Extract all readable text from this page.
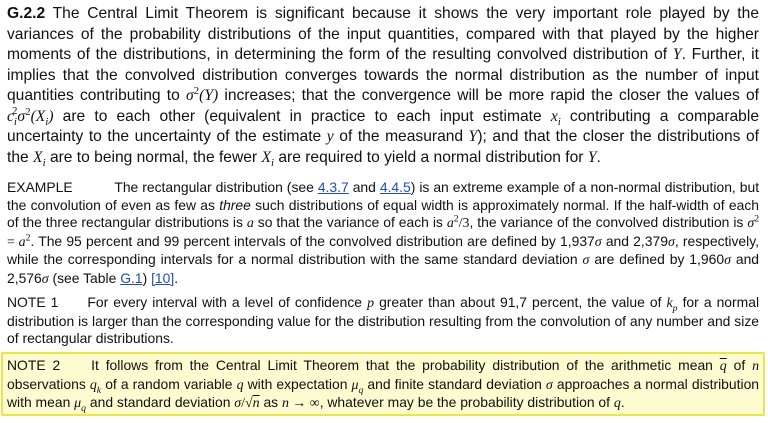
G.2.2 The Central Limit Theorem is significant because it shows the very important role played by the variances of the probability distributions of the input quantities, compared with that played by the higher moments of the distributions, in determining the form of the resulting convolved distribution of Y. Further, it implies that the convolved distribution converges towards the normal distribution as the number of input quantities contributing to $\sigma^2(Y)$ increases; that the convergence will be more rapid the closer the values of $c_i^2\sigma^2(X_i)$ are to each other (equivalent in practice to each input estimate $x_i$ contributing a comparable uncertainty to the uncertainty of the estimate y of the measurand Y); and that the closer the distributions of the $X_i$ are to being normal, the fewer $X_i$ are required to yield a normal distribution for Y.
EXAMPLE	The rectangular distribution (see 4.3.7 and 4.4.5) is an extreme example of a non-normal distribution, but the convolution of even as few as three such distributions of equal width is approximately normal. If the half-width of each of the three rectangular distributions is a so that the variance of each is $a^2/3$, the variance of the convolved distribution is $\sigma^2 = a^2$. The 95 percent and 99 percent intervals of the convolved distribution are defined by 1,937σ and 2,379σ, respectively, while the corresponding intervals for a normal distribution with the same standard deviation σ are defined by 1,960σ and 2,576σ (see Table G.1) [10].
NOTE 1 For every interval with a level of confidence p greater than about 91,7 percent, the value of $k_p$ for a normal distribution is larger than the corresponding value for the distribution resulting from the convolution of any number and size of rectangular distributions.
NOTE 2 It follows from the Central Limit Theorem that the probability distribution of the arithmetic mean $\overline{q}$ of n observations $q_k$ of a random variable q with expectation $\mu_q$ and finite standard deviation σ approaches a normal distribution with mean $\mu_q$ and standard deviation σ/√n as n → ∞, whatever may be the probability distribution of q.
